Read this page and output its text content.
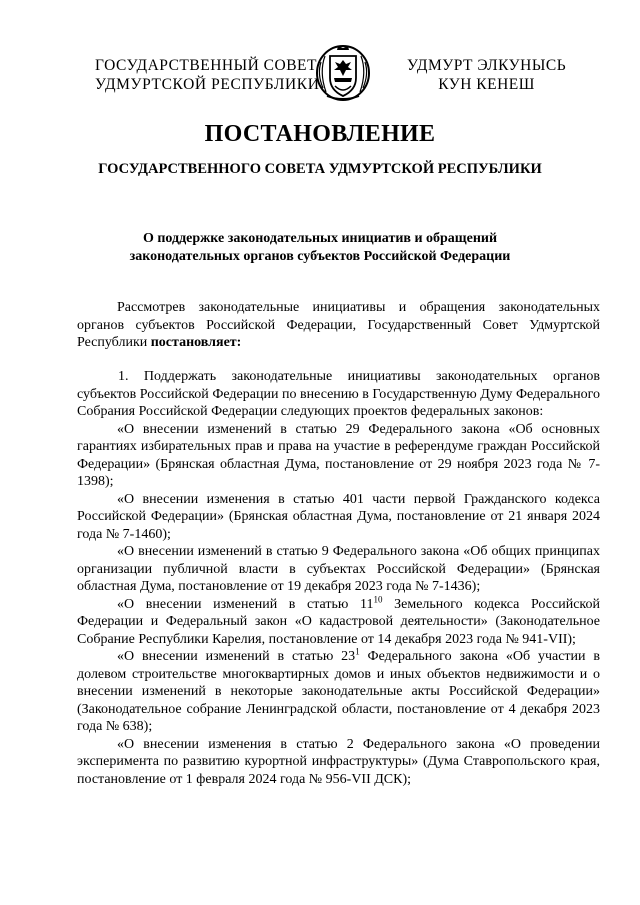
ГОСУДАРСТВЕННЫЙ СОВЕТ
УДМУРТСКОЙ РЕСПУБЛИКИ
УДМУРТ ЭЛКУНЫСЬ
КУН КЕНЕШ
ПОСТАНОВЛЕНИЕ
ГОСУДАРСТВЕННОГО СОВЕТА УДМУРТСКОЙ РЕСПУБЛИКИ
О поддержке законодательных инициатив и обращений
законодательных органов субъектов Российской Федерации

Рассмотрев законодательные инициативы и обращения законодательных органов субъектов Российской Федерации, Государственный Совет Удмуртской Республики постановляет:

1. Поддержать законодательные инициативы законодательных органов субъектов Российской Федерации по внесению в Государственную Думу Федерального Собрания Российской Федерации следующих проектов федеральных законов:

«О внесении изменений в статью 29 Федерального закона «Об основных гарантиях избирательных прав и права на участие в референдуме граждан Российской Федерации» (Брянская областная Дума, постановление от 29 ноября 2023 года № 7-1398);

«О внесении изменения в статью 401 части первой Гражданского кодекса Российской Федерации» (Брянская областная Дума, постановление от 21 января 2024 года № 7-1460);

«О внесении изменений в статью 9 Федерального закона «Об общих принципах организации публичной власти в субъектах Российской Федерации» (Брянская областная Дума, постановление от 19 декабря 2023 года № 7-1436);

«О внесении изменений в статью $11^{10}$ Земельного кодекса Российской Федерации и Федеральный закон «О кадастровой деятельности» (Законодательное Собрание Республики Карелия, постановление от 14 декабря 2023 года № 941-VII);

«О внесении изменений в статью $23^1$ Федерального закона «Об участии в долевом строительстве многоквартирных домов и иных объектов недвижимости и о внесении изменений в некоторые законодательные акты Российской Федерации» (Законодательное собрание Ленинградской области, постановление от 4 декабря 2023 года № 638);

«О внесении изменения в статью 2 Федерального закона «О проведении эксперимента по развитию курортной инфраструктуры» (Дума Ставропольского края, постановление от 1 февраля 2024 года № 956-VII ДСК);
